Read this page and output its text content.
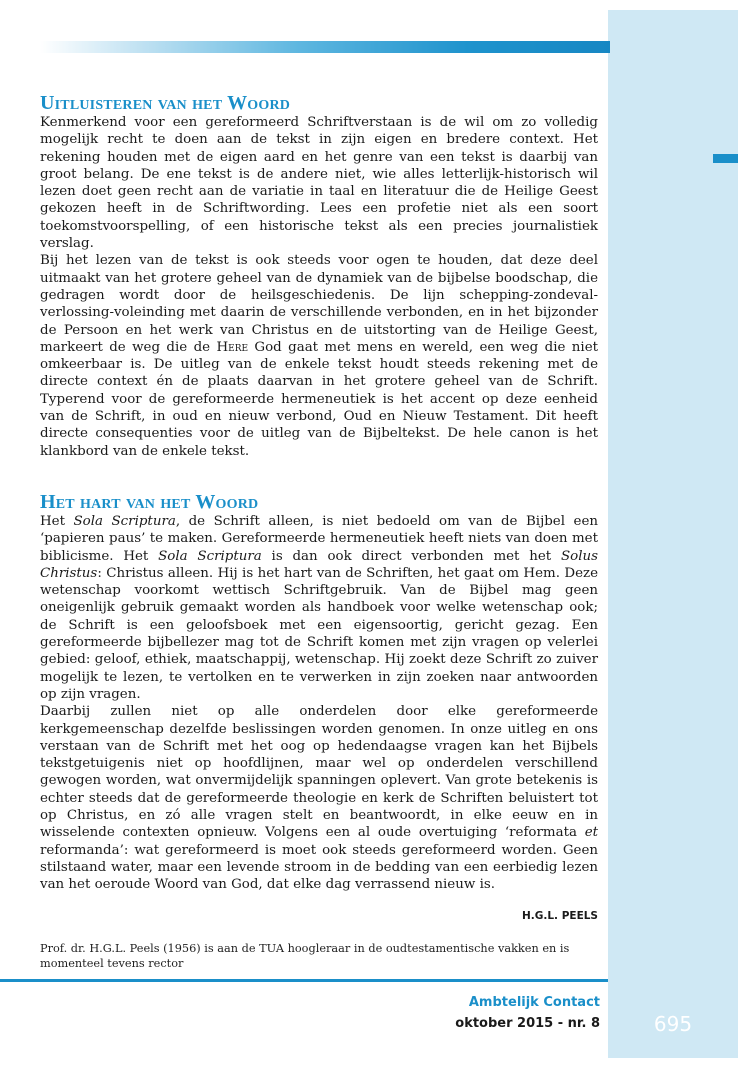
Uitluisteren van het Woord

Kenmerkend voor een gereformeerd Schriftverstaan is de wil om zo volledig mogelijk recht te doen aan de tekst in zijn eigen en bredere context. Het rekening houden met de eigen aard en het genre van een tekst is daarbij van groot belang. De ene tekst is de andere niet, wie alles letterlijk-historisch wil lezen doet geen recht aan de variatie in taal en literatuur die de Heilige Geest gekozen heeft in de Schriftwording. Lees een profetie niet als een soort toekomstvoorspelling, of een historische tekst als een precies journalistiek verslag.

Bij het lezen van de tekst is ook steeds voor ogen te houden, dat deze deel uitmaakt van het grotere geheel van de dynamiek van de bijbelse boodschap, die gedragen wordt door de heilsgeschiedenis. De lijn schepping-zondeval-verlossing-voleinding met daarin de verschillende verbonden, en in het bijzonder de Persoon en het werk van Christus en de uitstorting van de Heilige Geest, markeert de weg die de Here God gaat met mens en wereld, een weg die niet omkeerbaar is. De uitleg van de enkele tekst houdt steeds rekening met de directe context én de plaats daarvan in het grotere geheel van de Schrift. Typerend voor de gereformeerde hermeneutiek is het accent op deze eenheid van de Schrift, in oud en nieuw verbond, Oud en Nieuw Testament. Dit heeft directe consequenties voor de uitleg van de Bijbeltekst. De hele canon is het klankbord van de enkele tekst.

Het hart van het Woord

Het Sola Scriptura, de Schrift alleen, is niet bedoeld om van de Bijbel een ‘papieren paus’ te maken. Gereformeerde hermeneutiek heeft niets van doen met biblicisme. Het Sola Scriptura is dan ook direct verbonden met het Solus Christus: Christus alleen. Hij is het hart van de Schriften, het gaat om Hem. Deze wetenschap voorkomt wettisch Schriftgebruik. Van de Bijbel mag geen oneigenlijk gebruik gemaakt worden als handboek voor welke wetenschap ook; de Schrift is een geloofsboek met een eigensoortig, gericht gezag. Een gereformeerde bijbellezer mag tot de Schrift komen met zijn vragen op velerlei gebied: geloof, ethiek, maatschappij, wetenschap. Hij zoekt deze Schrift zo zuiver mogelijk te lezen, te vertolken en te verwerken in zijn zoeken naar antwoorden op zijn vragen.

Daarbij zullen niet op alle onderdelen door elke gereformeerde kerkgemeenschap dezelfde beslissingen worden genomen. In onze uitleg en ons verstaan van de Schrift met het oog op hedendaagse vragen kan het Bijbels tekstgetuigenis niet op hoofdlijnen, maar wel op onderdelen verschillend gewogen worden, wat onvermijdelijk spanningen oplevert. Van grote betekenis is echter steeds dat de gereformeerde theologie en kerk de Schriften beluistert tot op Christus, en zó alle vragen stelt en beantwoordt, in elke eeuw en in wisselende contexten opnieuw. Volgens een al oude overtuiging ‘reformata et reformanda’: wat gereformeerd is moet ook steeds gereformeerd worden. Geen stilstaand water, maar een levende stroom in de bedding van een eerbiedig lezen van het oeroude Woord van God, dat elke dag verrassend nieuw is.

H.G.L. PEELS
Prof. dr. H.G.L. Peels (1956) is aan de TUA hoogleraar in de oudtestamentische vakken en is momenteel tevens rector
Ambtelijk Contact
oktober 2015 - nr. 8	695
